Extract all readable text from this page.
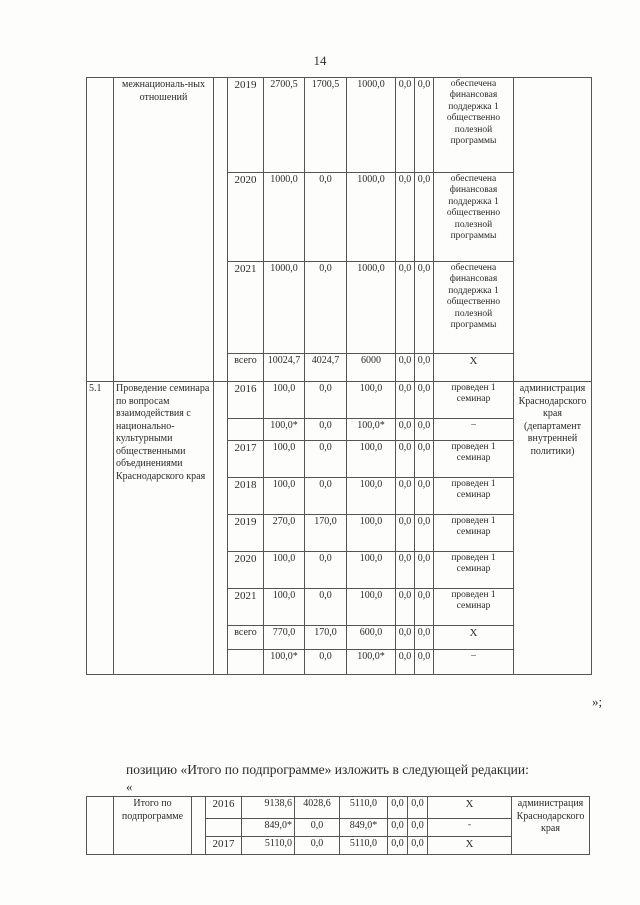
14
	межнациональ-ных отношений		2019	2700,5	1700,5	1000,0	0,0	0,0	обеспечена финансовая поддержка 1 общественно полезной программы	
			2020	1000,0	0,0	1000,0	0,0	0,0	обеспечена финансовая поддержка 1 общественно полезной программы	
			2021	1000,0	0,0	1000,0	0,0	0,0	обеспечена финансовая поддержка 1 общественно полезной программы	
			всего	10024,7	4024,7	6000	0,0	0,0	Х	
5.1	Проведение семинара по вопросам взаимодействия с национально-культурными общественными объединениями Краснодарского края		2016	100,0	0,0	100,0	0,0	0,0	проведен 1 семинар	администрация Краснодарского края (департамент внутренней политики)
				100,0*	0,0	100,0*	0,0	0,0	–	
			2017	100,0	0,0	100,0	0,0	0,0	проведен 1 семинар	
			2018	100,0	0,0	100,0	0,0	0,0	проведен 1 семинар	
			2019	270,0	170,0	100,0	0,0	0,0	проведен 1 семинар	
			2020	100,0	0,0	100,0	0,0	0,0	проведен 1 семинар	
			2021	100,0	0,0	100,0	0,0	0,0	проведен 1 семинар	
			всего	770,0	170,0	600,0	0,0	0,0	Х	
				100,0*	0,0	100,0*	0,0	0,0	–	
»;
позицию «Итого по подпрограмме» изложить в следующей редакции:
«
	Итого по подпрограмме		2016	9138,6	4028,6	5110,0	0,0	0,0	Х	администрация Краснодарского края
				849,0*	0,0	849,0*	0,0	0,0	-	
			2017	5110,0	0,0	5110,0	0,0	0,0	Х	
